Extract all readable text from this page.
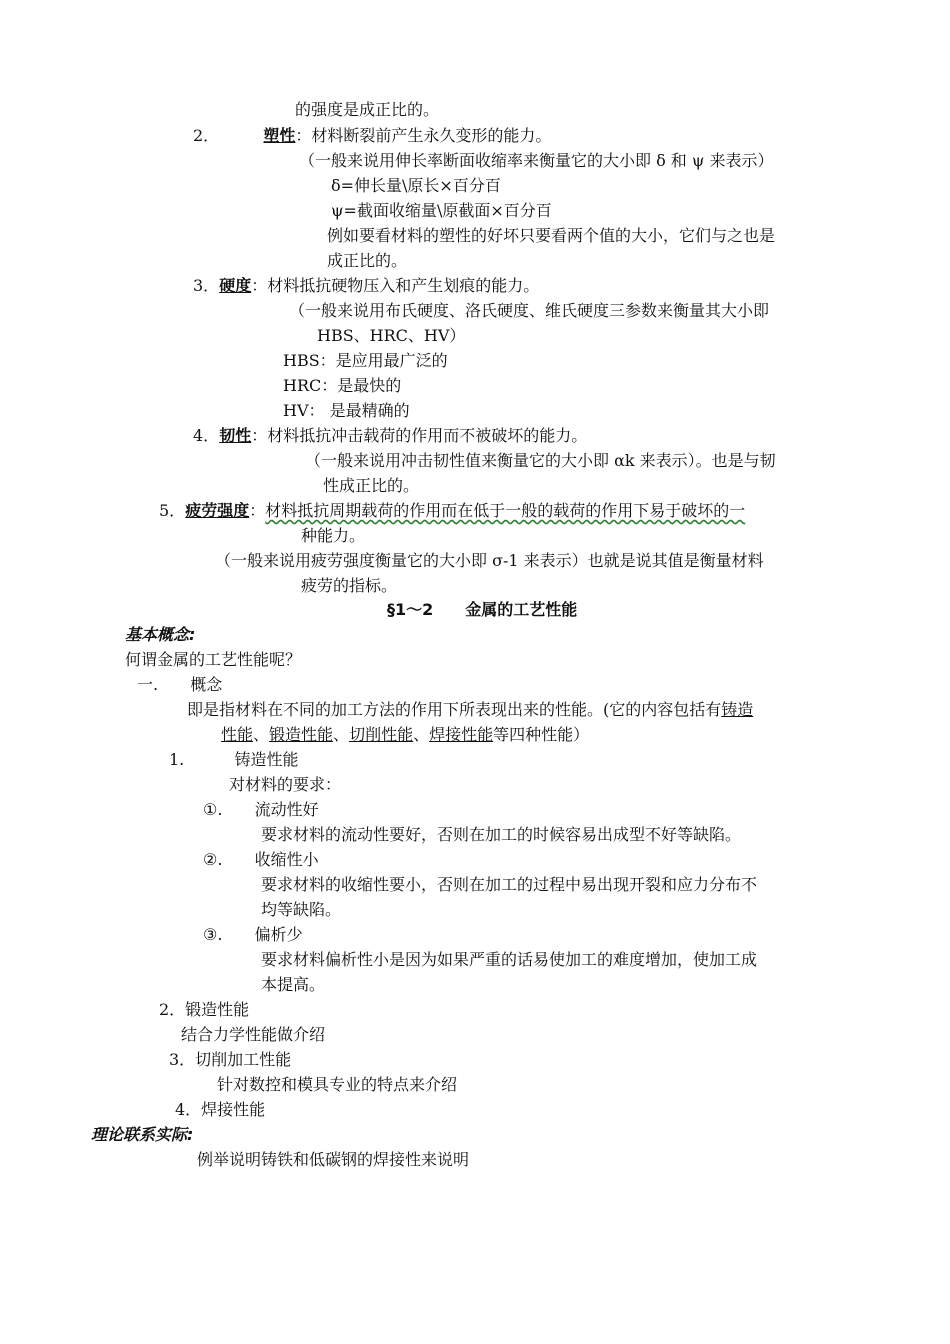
的强度是成正比的。
2．	塑性：材料断裂前产生永久变形的能力。
（一般来说用伸长率断面收缩率来衡量它的大小即 δ 和 ψ 来表示）
δ=伸长量\原长×百分百
ψ=截面收缩量\原截面×百分百
例如要看材料的塑性的好坏只要看两个值的大小，它们与之也是
成正比的。
3．硬度：材料抵抗硬物压入和产生划痕的能力。
（一般来说用布氏硬度、洛氏硬度、维氏硬度三参数来衡量其大小即
HBS、HRC、HV）
HBS：是应用最广泛的
HRC：是最快的
HV： 是最精确的
4．韧性：材料抵抗冲击载荷的作用而不被破坏的能力。
（一般来说用冲击韧性值来衡量它的大小即 αk 来表示）。也是与韧
性成正比的。
5．疲劳强度：材料抵抗周期载荷的作用而在低于一般的载荷的作用下易于破坏的一
种能力。
（一般来说用疲劳强度衡量它的大小即 σ-1 来表示）也就是说其值是衡量材料
疲劳的指标。
§1～2　　金属的工艺性能
基本概念:
何谓金属的工艺性能呢？
一. 概念
即是指材料在不同的加工方法的作用下所表现出来的性能。(它的内容包括有铸造
性能、锻造性能、切削性能、焊接性能等四种性能）
1.	铸造性能
对材料的要求：
①. 流动性好
要求材料的流动性要好，否则在加工的时候容易出成型不好等缺陷。
②. 收缩性小
要求材料的收缩性要小，否则在加工的过程中易出现开裂和应力分布不
均等缺陷。
③. 偏析少
要求材料偏析性小是因为如果严重的话易使加工的难度增加，使加工成
本提高。
2．锻造性能
结合力学性能做介绍
3．切削加工性能
针对数控和模具专业的特点来介绍
4．焊接性能
理论联系实际:
例举说明铸铁和低碳钢的焊接性来说明
